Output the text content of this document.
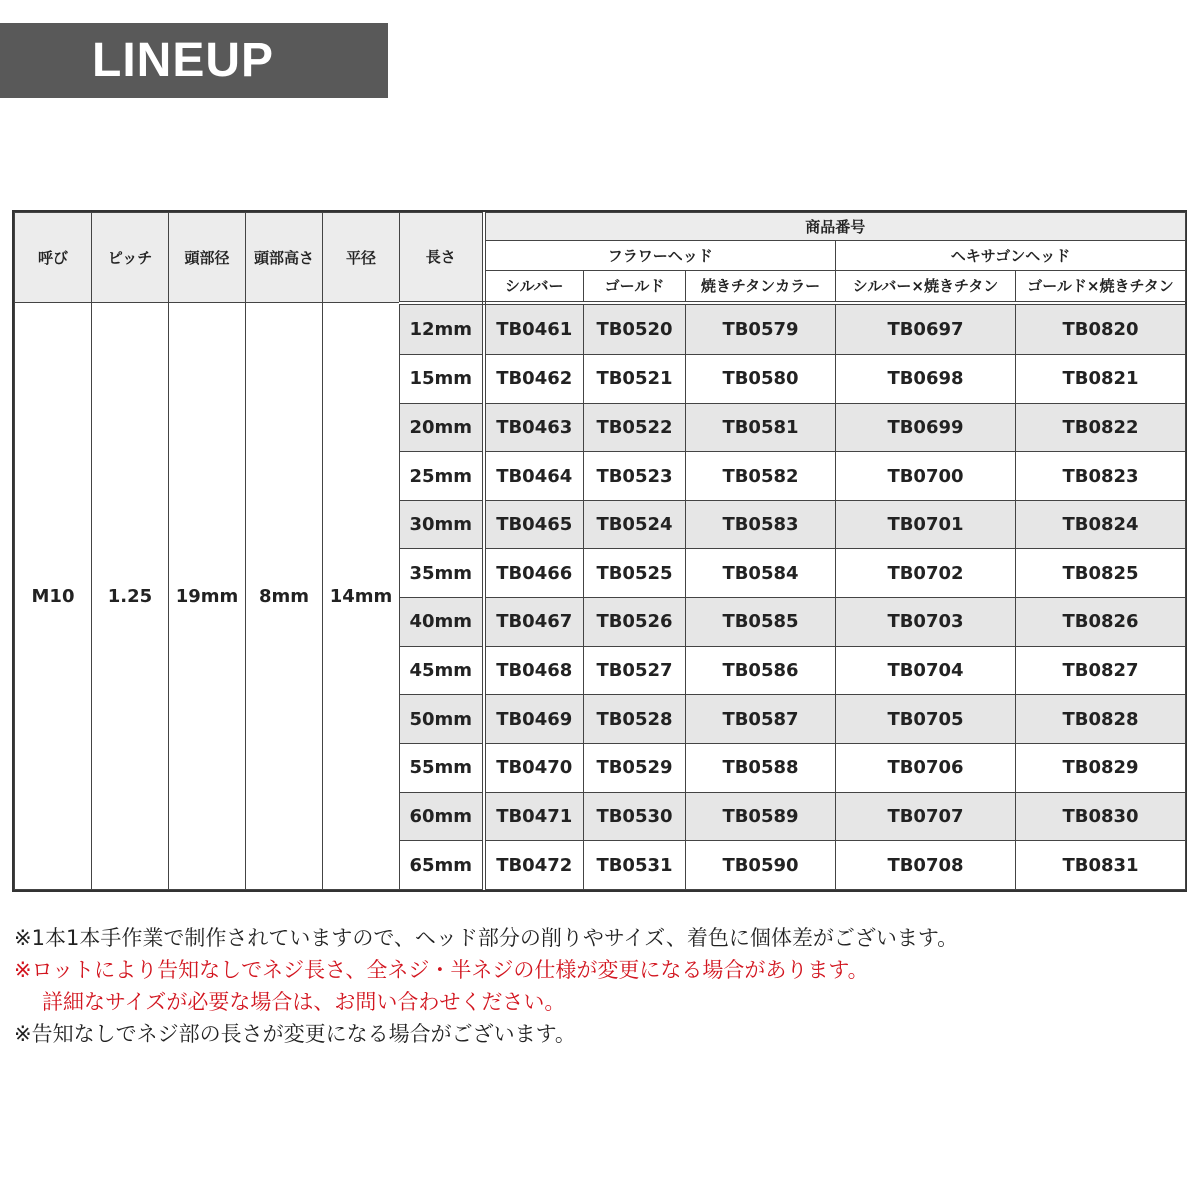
LINEUP
呼び	ピッチ	頭部径	頭部高さ	平径	長さ	商品番号				
						フラワーヘッド			ヘキサゴンヘッド	
						シルバー	ゴールド	焼きチタンカラー	シルバー×焼きチタン	ゴールド×焼きチタン
M10	1.25	19mm	8mm	14mm	12mm	TB0461	TB0520	TB0579	TB0697	TB0820
					15mm	TB0462	TB0521	TB0580	TB0698	TB0821
					20mm	TB0463	TB0522	TB0581	TB0699	TB0822
					25mm	TB0464	TB0523	TB0582	TB0700	TB0823
					30mm	TB0465	TB0524	TB0583	TB0701	TB0824
					35mm	TB0466	TB0525	TB0584	TB0702	TB0825
					40mm	TB0467	TB0526	TB0585	TB0703	TB0826
					45mm	TB0468	TB0527	TB0586	TB0704	TB0827
					50mm	TB0469	TB0528	TB0587	TB0705	TB0828
					55mm	TB0470	TB0529	TB0588	TB0706	TB0829
					60mm	TB0471	TB0530	TB0589	TB0707	TB0830
					65mm	TB0472	TB0531	TB0590	TB0708	TB0831
※1本1本手作業で制作されていますので、ヘッド部分の削りやサイズ、着色に個体差がございます。
※ロットにより告知なしでネジ長さ、全ネジ・半ネジの仕様が変更になる場合があります。
詳細なサイズが必要な場合は、お問い合わせください。
※告知なしでネジ部の長さが変更になる場合がございます。
